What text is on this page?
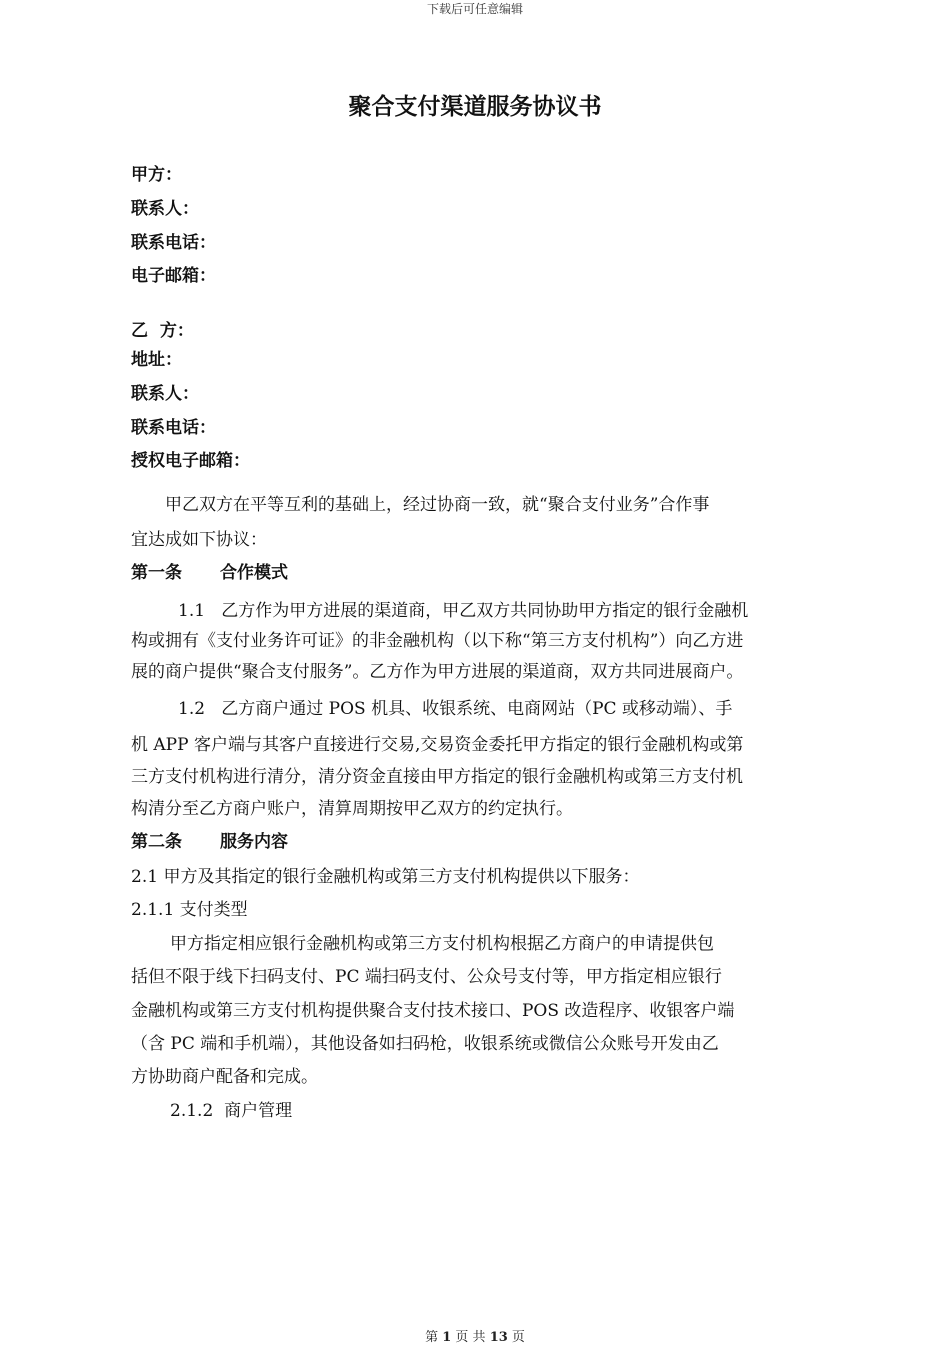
下载后可任意编辑
聚合支付渠道服务协议书
甲方：
联系人：
联系电话：
电子邮箱：
乙  方：
地址：
联系人：
联系电话：
授权电子邮箱：
甲乙双方在平等互利的基础上，经过协商一致，就“聚合支付业务”合作事
宜达成如下协议：
第一条 合作模式
1.1   乙方作为甲方进展的渠道商，甲乙双方共同协助甲方指定的银行金融机
构或拥有《支付业务许可证》的非金融机构（以下称“第三方支付机构”）向乙方进
展的商户提供“聚合支付服务”。乙方作为甲方进展的渠道商，双方共同进展商户。
1.2   乙方商户通过 POS 机具、收银系统、电商网站（PC 或移动端）、手
机 APP 客户端与其客户直接进行交易,交易资金委托甲方指定的银行金融机构或第
三方支付机构进行清分，清分资金直接由甲方指定的银行金融机构或第三方支付机
构清分至乙方商户账户，清算周期按甲乙双方的约定执行。
第二条 服务内容
2.1 甲方及其指定的银行金融机构或第三方支付机构提供以下服务：
2.1.1 支付类型
甲方指定相应银行金融机构或第三方支付机构根据乙方商户的申请提供包
括但不限于线下扫码支付、PC 端扫码支付、公众号支付等，甲方指定相应银行
金融机构或第三方支付机构提供聚合支付技术接口、POS 改造程序、收银客户端
（含 PC 端和手机端），其他设备如扫码枪，收银系统或微信公众账号开发由乙
方协助商户配备和完成。
2.1.2  商户管理
第 1 页 共 13 页
